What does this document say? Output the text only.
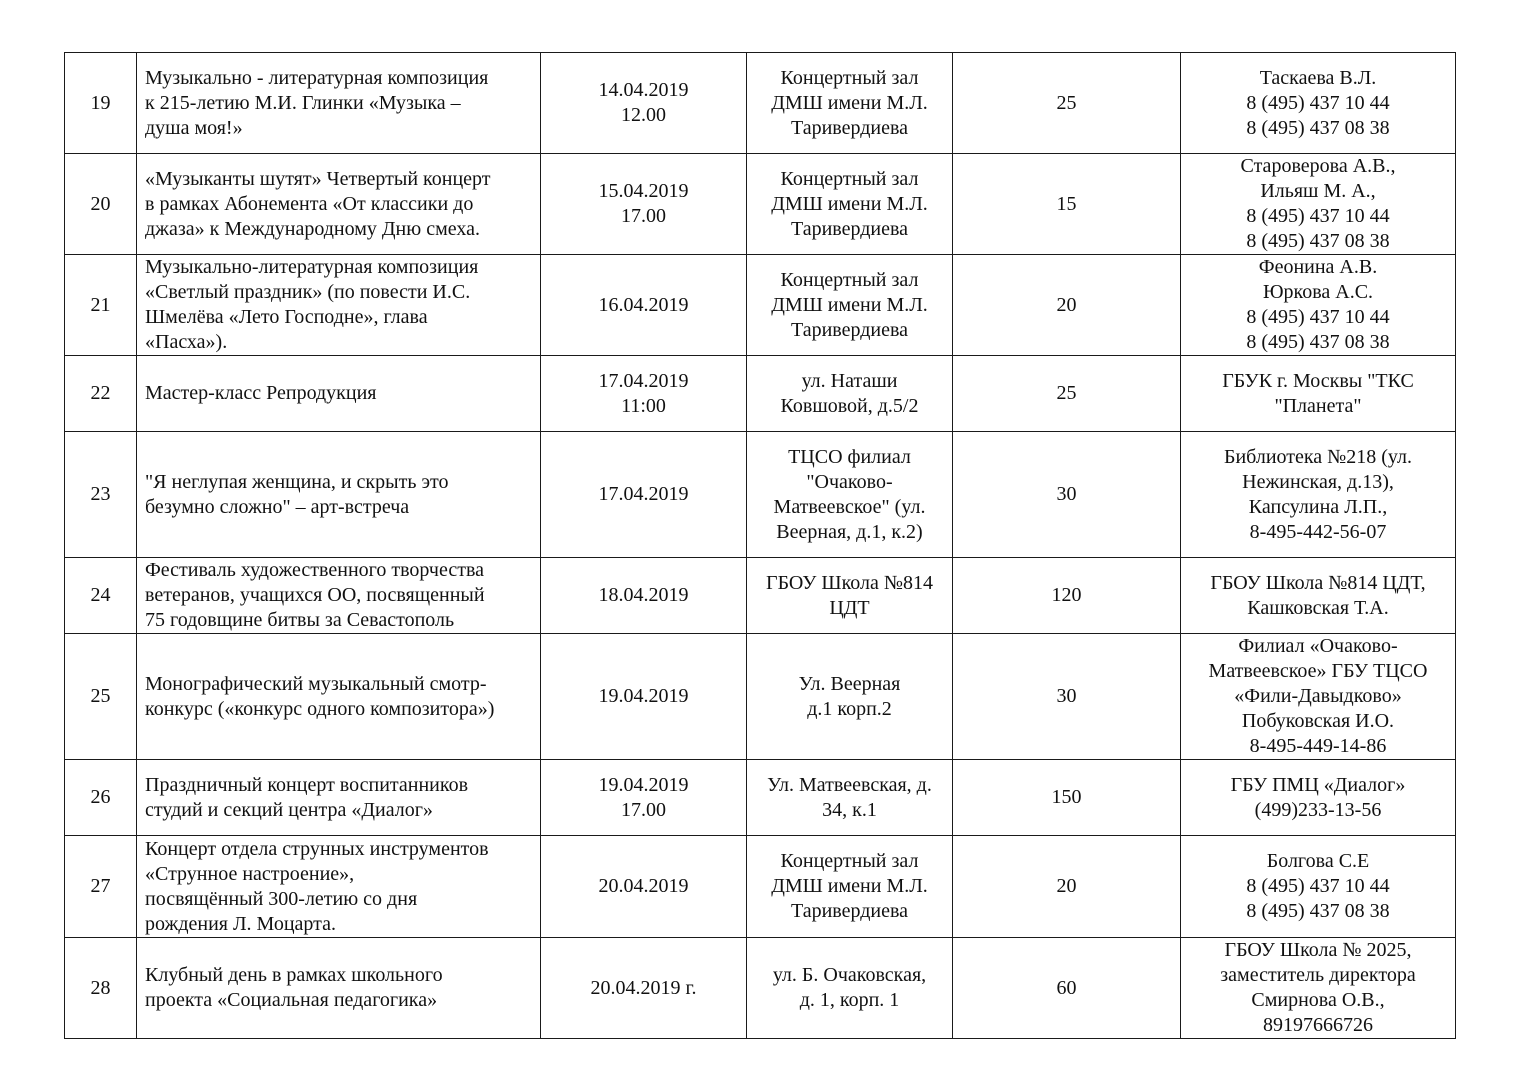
19	Музыкально - литературная композиция
к 215-летию М.И. Глинки «Музыка –
душа моя!»	14.04.2019
12.00	Концертный зал
ДМШ имени М.Л.
Таривердиева	25	Таскаева В.Л.
8 (495) 437 10 44
8 (495) 437 08 38

20	«Музыканты шутят» Четвертый концерт
в рамках Абонемента «От классики до
джаза» к Международному Дню смеха.	15.04.2019
17.00	Концертный зал
ДМШ имени М.Л.
Таривердиева	15	Староверова А.В.,
Ильяш М. А.,
8 (495) 437 10 44
8 (495) 437 08 38

21	Музыкально-литературная композиция
«Светлый праздник» (по повести И.С.
Шмелёва «Лето Господне», глава
«Пасха»).	16.04.2019	Концертный зал
ДМШ имени М.Л.
Таривердиева	20	Феонина А.В.
Юркова А.С.
8 (495) 437 10 44
8 (495) 437 08 38

22	Мастер-класс Репродукция	17.04.2019
11:00	ул. Наташи
Ковшовой, д.5/2	25	ГБУК г. Москвы "ТКС
"Планета"

23	"Я неглупая женщина, и скрыть это
безумно сложно" – арт-встреча	17.04.2019	ТЦСО филиал
"Очаково-
Матвеевское" (ул.
Веерная, д.1, к.2)	30	Библиотека №218 (ул.
Нежинская, д.13),
Капсулина Л.П.,
8-495-442-56-07

24	Фестиваль художественного творчества
ветеранов, учащихся ОО, посвященный
75 годовщине битвы за Севастополь	18.04.2019	ГБОУ Школа №814
ЦДТ	120	ГБОУ Школа №814 ЦДТ,
Кашковская Т.А.

25	Монографический музыкальный смотр-
конкурс («конкурс одного композитора»)	19.04.2019	Ул. Веерная
д.1 корп.2	30	Филиал «Очаково-
Матвеевское» ГБУ ТЦСО
«Фили-Давыдково»
Побуковская И.О.
8-495-449-14-86

26	Праздничный концерт воспитанников
студий и секций центра «Диалог»	19.04.2019
17.00	Ул. Матвеевская, д.
34, к.1	150	ГБУ ПМЦ «Диалог»
(499)233-13-56

27	Концерт отдела струнных инструментов
«Струнное настроение»,
посвящённый 300-летию со дня
рождения Л. Моцарта.	20.04.2019	Концертный зал
ДМШ имени М.Л.
Таривердиева	20	Болгова С.Е
8 (495) 437 10 44
8 (495) 437 08 38

28	Клубный день в рамках школьного
проекта «Социальная педагогика»	20.04.2019 г.	ул. Б. Очаковская,
д. 1, корп. 1	60	ГБОУ Школа № 2025,
заместитель директора
Смирнова О.В.,
89197666726
